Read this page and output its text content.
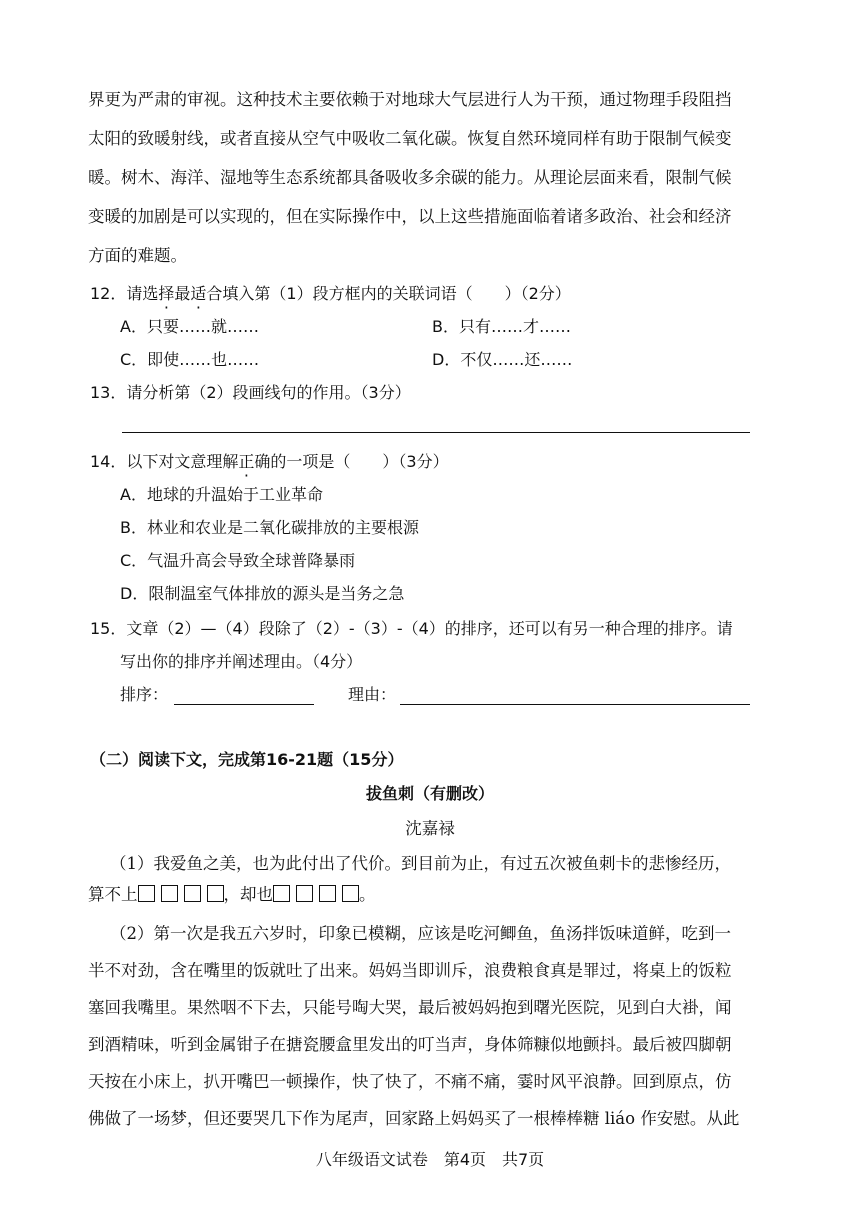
界更为严肃的审视。这种技术主要依赖于对地球大气层进行人为干预，通过物理手段阻挡
太阳的致暖射线，或者直接从空气中吸收二氧化碳。恢复自然环境同样有助于限制气候变
暖。树木、海洋、湿地等生态系统都具备吸收多余碳的能力。从理论层面来看，限制气候
变暖的加剧是可以实现的，但在实际操作中，以上这些措施面临着诸多政治、社会和经济
方面的难题。
12．请选择最适合填入第（1）段方框内的关联词语（　　）（2分）
A．只要……就……	B．只有……才……
C．即使……也……	D．不仅……还……
13．请分析第（2）段画线句的作用。（3分）
14．以下对文意理解正确的一项是（　　）（3分）
A．地球的升温始于工业革命
B．林业和农业是二氧化碳排放的主要根源
C．气温升高会导致全球普降暴雨
D．限制温室气体排放的源头是当务之急
15．文章（2）—（4）段除了（2）-（3）-（4）的排序，还可以有另一种合理的排序。请
写出你的排序并阐述理由。（4分）
排序：	理由：
（二）阅读下文，完成第16-21题（15分）
拔鱼刺（有删改）
沈嘉禄
（1）我爱鱼之美，也为此付出了代价。到目前为止，有过五次被鱼刺卡的悲惨经历，
算不上	，却也	。
（2）第一次是我五六岁时，印象已模糊，应该是吃河鲫鱼，鱼汤拌饭味道鲜，吃到一
半不对劲，含在嘴里的饭就吐了出来。妈妈当即训斥，浪费粮食真是罪过，将桌上的饭粒
塞回我嘴里。果然咽不下去，只能号啕大哭，最后被妈妈抱到曙光医院，见到白大褂，闻
到酒精味，听到金属钳子在搪瓷腰盒里发出的叮当声，身体筛糠似地颤抖。最后被四脚朝
天按在小床上，扒开嘴巴一顿操作，快了快了，不痛不痛，霎时风平浪静。回到原点，仿
佛做了一场梦，但还要哭几下作为尾声，回家路上妈妈买了一根棒棒糖 liáo 作安慰。从此
八年级语文试卷　第4页　共7页
